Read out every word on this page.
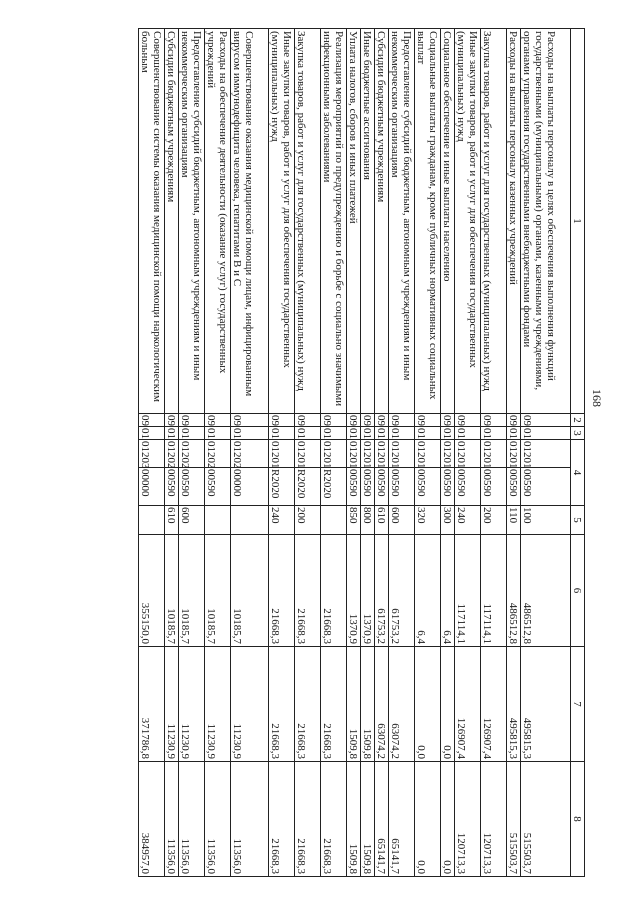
168
1	2	3	4		5	6	7	8
Расходы на выплаты персоналу в целях обеспечения выполнения функций государственными (муниципальными) органами, казенными учреждениями, органами управления государственными внебюджетными фондами	09	01	01201	00590	100	486512,8	495815,3	515503,7
Расходы на выплаты персоналу казенных учреждений	09	01	01201	00590	110	486512,8	495815,3	515503,7
Закупка товаров, работ и услуг для государственных (муниципальных) нужд	09	01	01201	00590	200	117114,1	126907,4	120713,3
Иные закупки товаров, работ и услуг для обеспечения государственных (муниципальных) нужд	09	01	01201	00590	240	117114,1	126907,4	120713,3
Социальное обеспечение и иные выплаты населению	09	01	01201	00590	300	6,4	0,0	0,0
Социальные выплаты гражданам, кроме публичных нормативных социальных выплат	09	01	01201	00590	320	6,4	0,0	0,0
Предоставление субсидий бюджетным, автономным учреждениям и иным некоммерческим организациям	09	01	01201	00590	600	61753,2	63074,2	65141,7
Субсидии бюджетным учреждениям	09	01	01201	00590	610	61753,2	63074,2	65141,7
Иные бюджетные ассигнования	09	01	01201	00590	800	1370,9	1509,8	1509,8
Уплата налогов, сборов и иных платежей	09	01	01201	00590	850	1370,9	1509,8	1509,8
Реализация мероприятий по предупреждению и борьбе с социально значимыми инфекционными заболеваниями	09	01	01201	R2020		21668,3	21668,3	21668,3
Закупка товаров, работ и услуг для государственных (муниципальных) нужд	09	01	01201	R2020	200	21668,3	21668,3	21668,3
Иные закупки товаров, работ и услуг для обеспечения государственных (муниципальных) нужд	09	01	01201	R2020	240	21668,3	21668,3	21668,3
Совершенствование оказания медицинской помощи лицам, инфицированным вирусом иммунодефицита человека, гепатитами В и С	09	01	01202	00000		10185,7	11230,9	11356,0
Расходы на обеспечение деятельности (оказание услуг) государственных учреждений	09	01	01202	00590		10185,7	11230,9	11356,0
Предоставление субсидий бюджетным, автономным учреждениям и иным некоммерческим организациям	09	01	01202	00590	600	10185,7	11230,9	11356,0
Субсидии бюджетным учреждениям	09	01	01202	00590	610	10185,7	11230,9	11356,0
Совершенствование системы оказания медицинской помощи наркологическим больным	09	01	01203	00000		355150,0	371786,8	384957,0
